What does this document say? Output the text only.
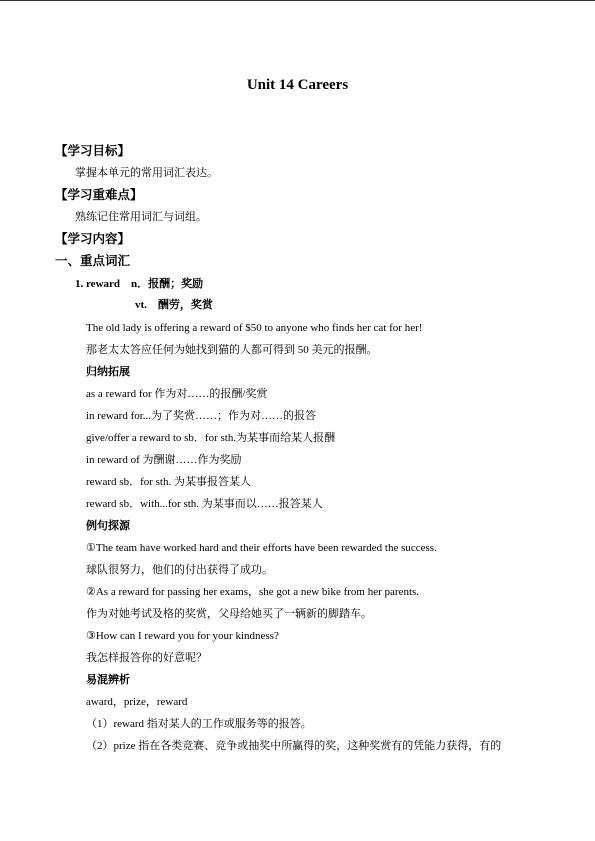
Unit 14 Careers
【学习目标】
掌握本单元的常用词汇表达。
【学习重难点】
熟练记住常用词汇与词组。
【学习内容】
一、重点词汇
1. reward n．报酬；奖励
vt.　酬劳，奖赏
The old lady is offering a reward of $50 to anyone who finds her cat for her!
那老太太答应任何为她找到猫的人都可得到 50 美元的报酬。
归纳拓展
as a reward for 作为对……的报酬/奖赏
in reward for...为了奖赏……；作为对……的报答
give/offer a reward to sb．for sth.为某事而给某人报酬
in reward of 为酬谢……作为奖励
reward sb．for sth. 为某事报答某人
reward sb．with...for sth. 为某事而以……报答某人
例句探源
①The team have worked hard and their efforts have been rewarded the success.
球队很努力，他们的付出获得了成功。
②As a reward for passing her exams，she got a new bike from her parents.
作为对她考试及格的奖赏，父母给她买了一辆新的脚踏车。
③How can I reward you for your kindness?
我怎样报答你的好意呢？
易混辨析
award，prize，reward
（1）reward 指对某人的工作或服务等的报答。
（2）prize 指在各类竞赛、竞争或抽奖中所赢得的奖，这种奖赏有的凭能力获得，有的
